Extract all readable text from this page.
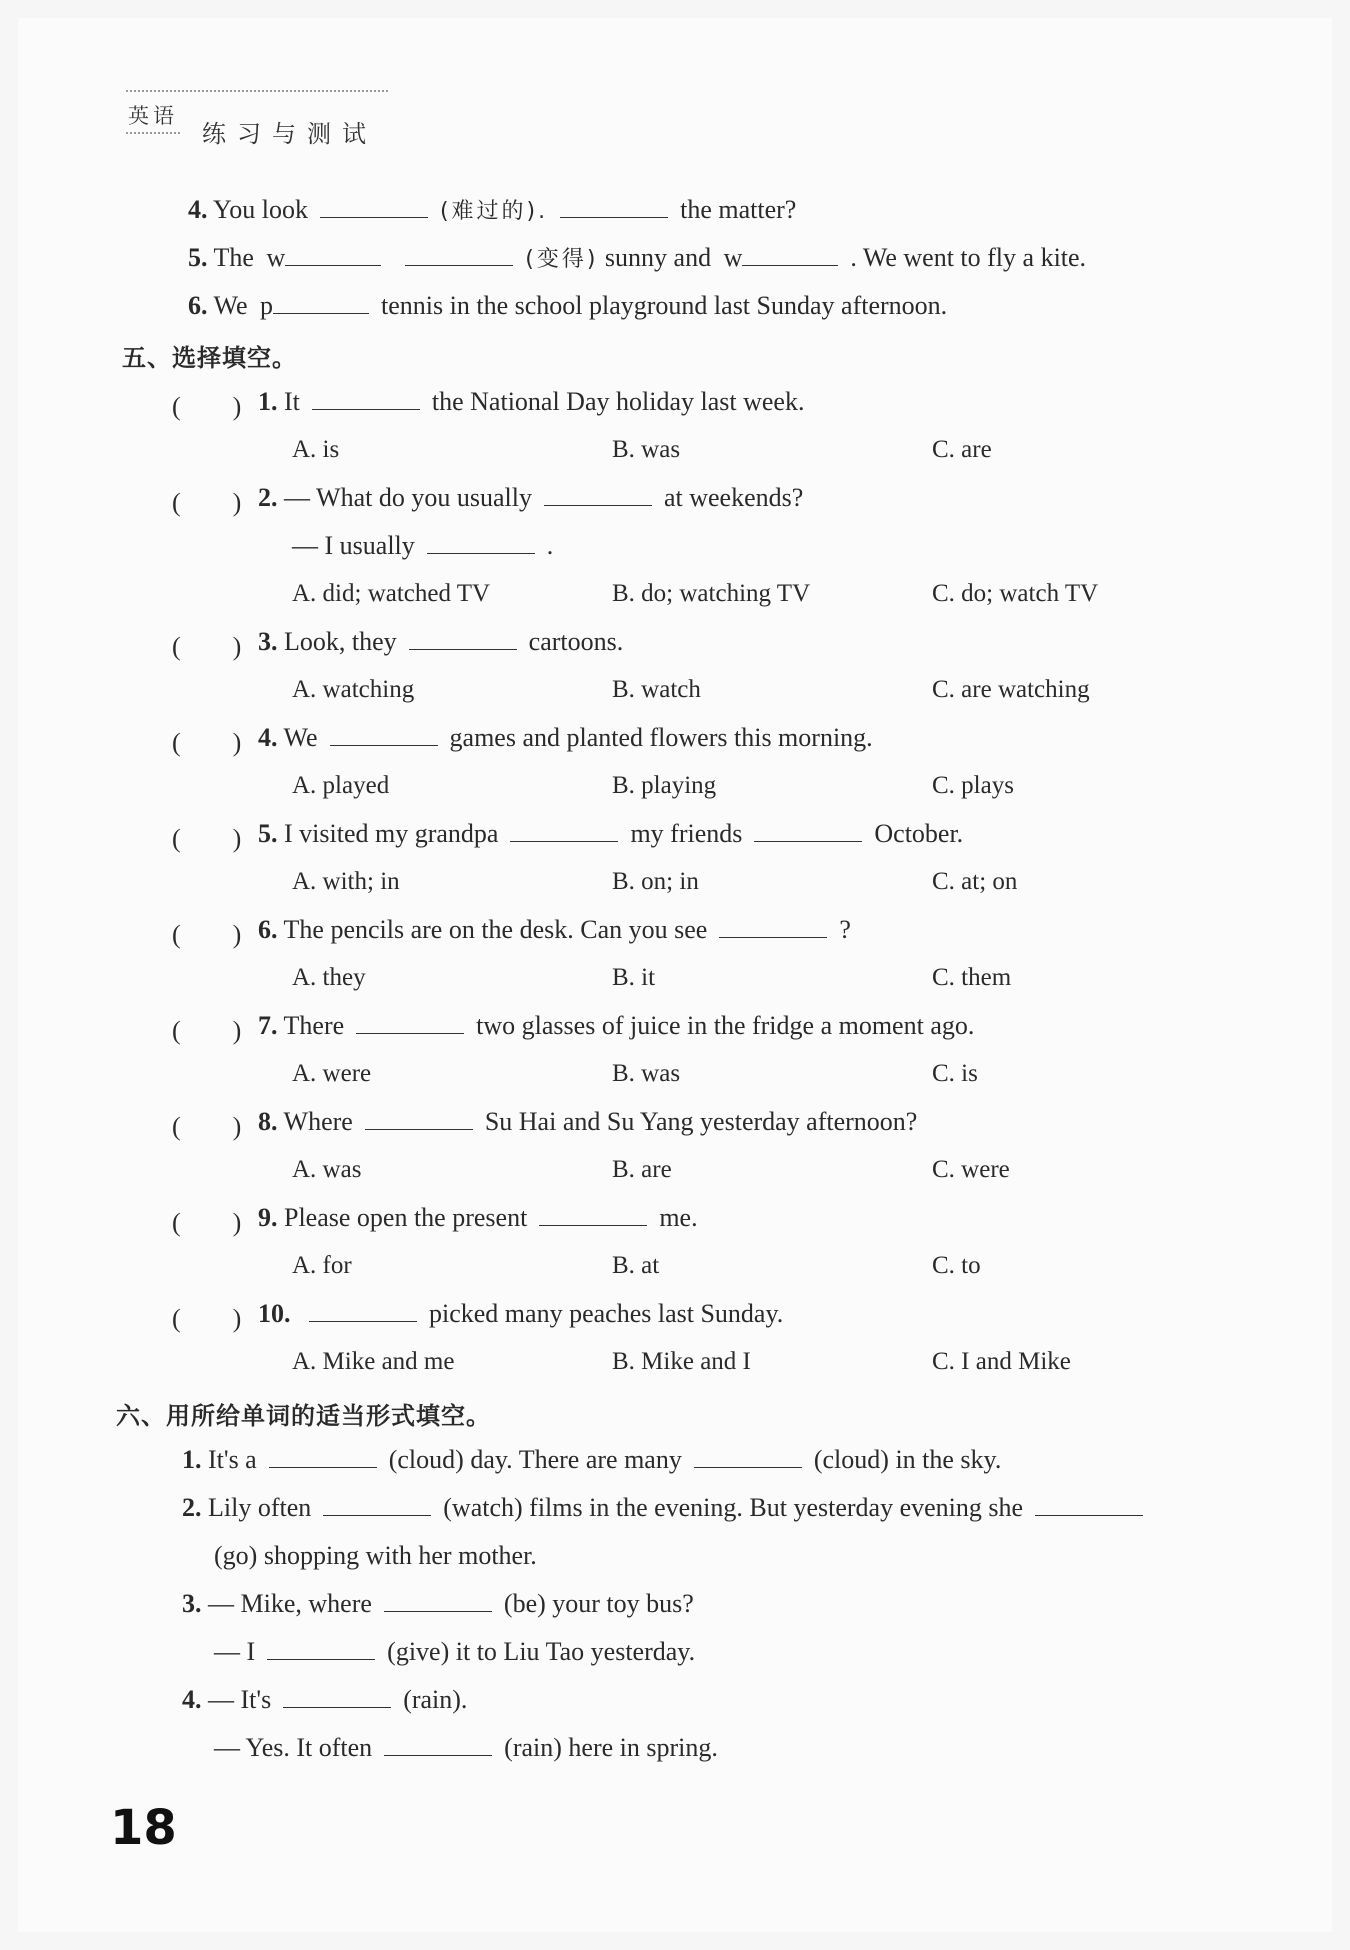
英语
练习与测试
4. You look	(难过的).	the matter?
5. The w	(变得) sunny and w	. We went to fly a kite.
6. We p	tennis in the school playground last Sunday afternoon.
五、选择填空。
(　　) 1. It	the National Day holiday last week.
A. is	B. was	C. are
(　　) 2. — What do you usually	at weekends?
— I usually	.
A. did; watched TV	B. do; watching TV	C. do; watch TV
(　　) 3. Look, they	cartoons.
A. watching	B. watch	C. are watching
(　　) 4. We	games and planted flowers this morning.
A. played	B. playing	C. plays
(　　) 5. I visited my grandpa	my friends	October.
A. with; in	B. on; in	C. at; on
(　　) 6. The pencils are on the desk. Can you see	?
A. they	B. it	C. them
(　　) 7. There	two glasses of juice in the fridge a moment ago.
A. were	B. was	C. is
(　　) 8. Where	Su Hai and Su Yang yesterday afternoon?
A. was	B. are	C. were
(　　) 9. Please open the present	me.
A. for	B. at	C. to
(　　) 10.	picked many peaches last Sunday.
A. Mike and me	B. Mike and I	C. I and Mike
六、用所给单词的适当形式填空。
1. It's a	(cloud) day. There are many	(cloud) in the sky.
2. Lily often	(watch) films in the evening. But yesterday evening she
(go) shopping with her mother.
3. — Mike, where	(be) your toy bus?
— I	(give) it to Liu Tao yesterday.
4. — It's	(rain).
— Yes. It often	(rain) here in spring.
18
